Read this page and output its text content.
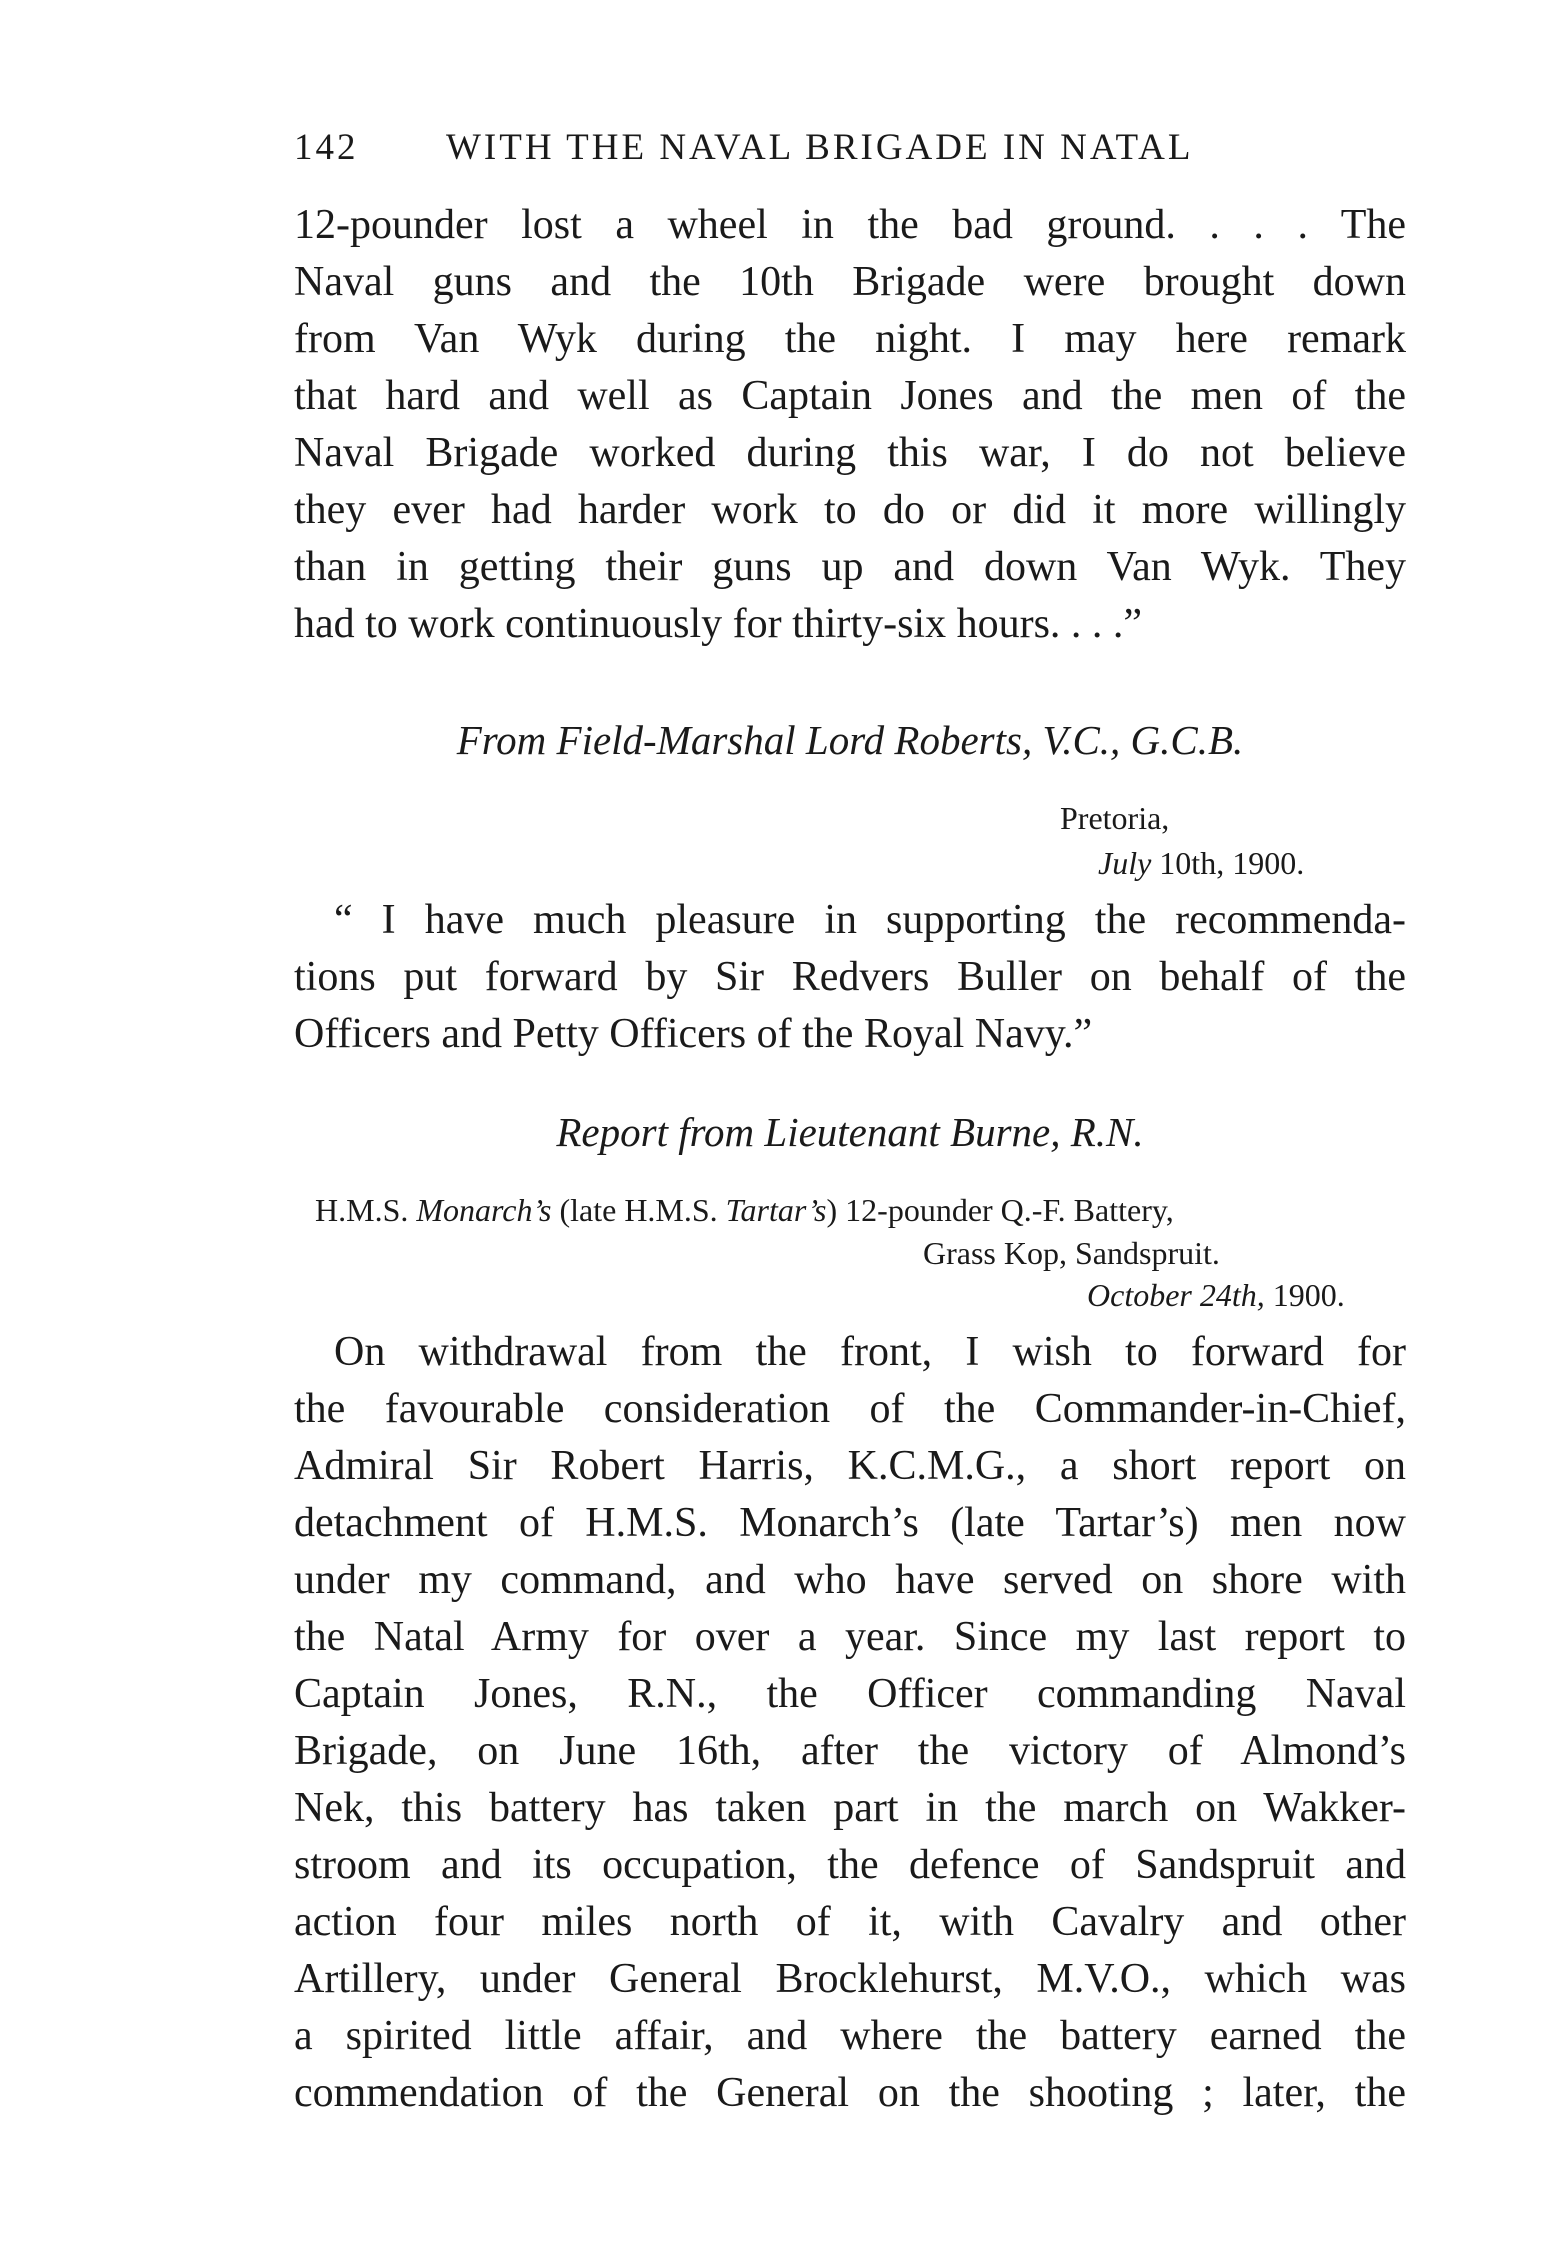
142 WITH THE NAVAL BRIGADE IN NATAL
12-pounder lost a wheel in the bad ground. . . . The
Naval guns and the 10th Brigade were brought down
from Van Wyk during the night. I may here remark
that hard and well as Captain Jones and the men of the
Naval Brigade worked during this war, I do not believe
they ever had harder work to do or did it more willingly
than in getting their guns up and down Van Wyk. They
had to work continuously for thirty-six hours. . . .”
From Field-Marshal Lord Roberts, V.C., G.C.B.
Pretoria,
July 10th, 1900.
“ I have much pleasure in supporting the recommenda-
tions put forward by Sir Redvers Buller on behalf of the
Officers and Petty Officers of the Royal Navy.”
Report from Lieutenant Burne, R.N.
H.M.S. Monarch’s (late H.M.S. Tartar’s) 12-pounder Q.-F. Battery,
Grass Kop, Sandspruit.
October 24th, 1900.
On withdrawal from the front, I wish to forward for
the favourable consideration of the Commander-in-Chief,
Admiral Sir Robert Harris, K.C.M.G., a short report on
detachment of H.M.S. Monarch’s (late Tartar’s) men now
under my command, and who have served on shore with
the Natal Army for over a year. Since my last report to
Captain Jones, R.N., the Officer commanding Naval
Brigade, on June 16th, after the victory of Almond’s
Nek, this battery has taken part in the march on Wakker-
stroom and its occupation, the defence of Sandspruit and
action four miles north of it, with Cavalry and other
Artillery, under General Brocklehurst, M.V.O., which was
a spirited little affair, and where the battery earned the
commendation of the General on the shooting ; later, the
